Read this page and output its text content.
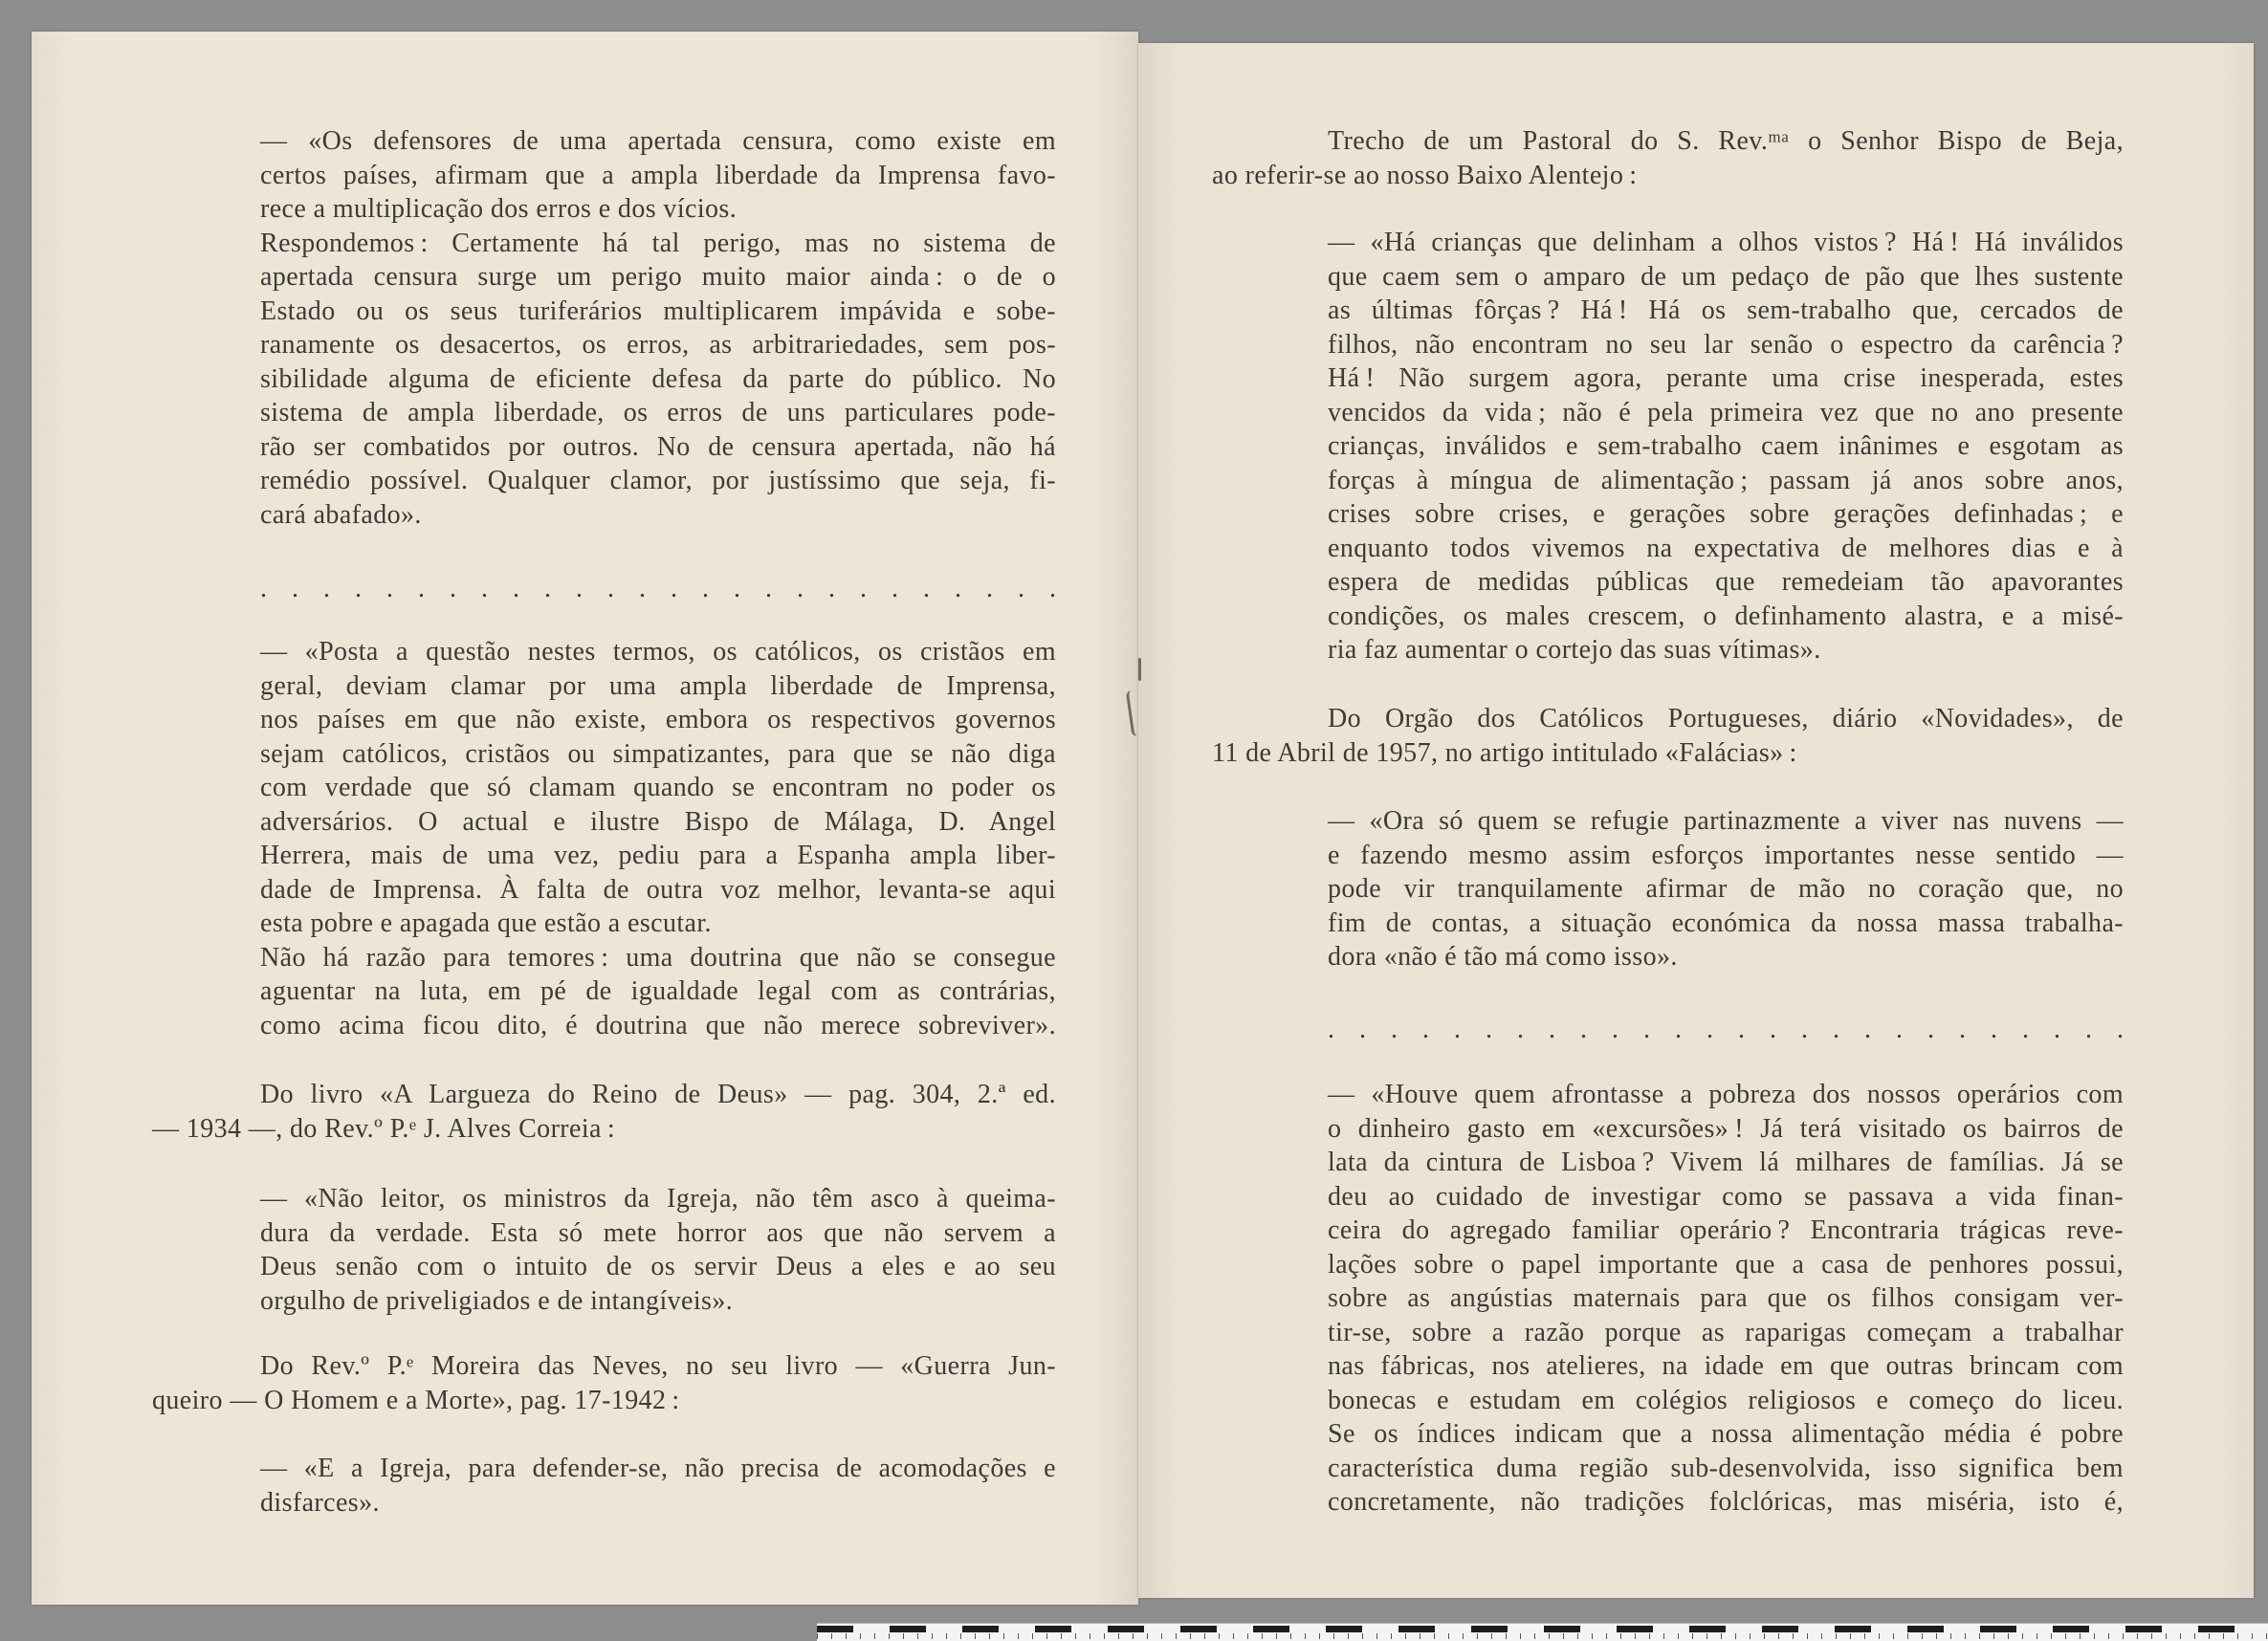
— «Os defensores de uma apertada censura, como existe em
certos países, afirmam que a ampla liberdade da Imprensa favo-
rece a multiplicação dos erros e dos vícios.
Respondemos : Certamente há tal perigo, mas no sistema de
apertada censura surge um perigo muito maior ainda : o de o
Estado ou os seus turiferários multiplicarem impávida e sobe-
ranamente os desacertos, os erros, as arbitrariedades, sem pos-
sibilidade alguma de eficiente defesa da parte do público. No
sistema de ampla liberdade, os erros de uns particulares pode-
rão ser combatidos por outros. No de censura apertada, não há
remédio possível. Qualquer clamor, por justíssimo que seja, fi-
cará abafado».
. . . . . . . . . . . . . . . . . . . . . . . . . .
— «Posta a questão nestes termos, os católicos, os cristãos em
geral, deviam clamar por uma ampla liberdade de Imprensa,
nos países em que não existe, embora os respectivos governos
sejam católicos, cristãos ou simpatizantes, para que se não diga
com verdade que só clamam quando se encontram no poder os
adversários. O actual e ilustre Bispo de Málaga, D. Angel
Herrera, mais de uma vez, pediu para a Espanha ampla liber-
dade de Imprensa. À falta de outra voz melhor, levanta-se aqui
esta pobre e apagada que estão a escutar.
Não há razão para temores : uma doutrina que não se consegue
aguentar na luta, em pé de igualdade legal com as contrárias,
como acima ficou dito, é doutrina que não merece sobreviver».
Do livro «A Largueza do Reino de Deus» — pag. 304, 2.ª ed.
— 1934 —, do Rev.º P.ᵉ J. Alves Correia :
— «Não leitor, os ministros da Igreja, não têm asco à queima-
dura da verdade. Esta só mete horror aos que não servem a
Deus senão com o intuito de os servir Deus a eles e ao seu
orgulho de priveligiados e de intangíveis».
Do Rev.º P.ᵉ Moreira das Neves, no seu livro — «Guerra Jun-
queiro — O Homem e a Morte», pag. 17-1942 :
— «E a Igreja, para defender-se, não precisa de acomodações e
disfarces».
Trecho de um Pastoral do S. Rev.ᵐᵃ o Senhor Bispo de Beja,
ao referir-se ao nosso Baixo Alentejo :
— «Há crianças que delinham a olhos vistos ? Há ! Há inválidos
que caem sem o amparo de um pedaço de pão que lhes sustente
as últimas fôrças ? Há ! Há os sem-trabalho que, cercados de
filhos, não encontram no seu lar senão o espectro da carência ?
Há ! Não surgem agora, perante uma crise inesperada, estes
vencidos da vida ; não é pela primeira vez que no ano presente
crianças, inválidos e sem-trabalho caem inânimes e esgotam as
forças à míngua de alimentação ; passam já anos sobre anos,
crises sobre crises, e gerações sobre gerações definhadas ; e
enquanto todos vivemos na expectativa de melhores dias e à
espera de medidas públicas que remedeiam tão apavorantes
condições, os males crescem, o definhamento alastra, e a misé-
ria faz aumentar o cortejo das suas vítimas».
Do Orgão dos Católicos Portugueses, diário «Novidades», de
11 de Abril de 1957, no artigo intitulado «Falácias» :
— «Ora só quem se refugie partinazmente a viver nas nuvens —
e fazendo mesmo assim esforços importantes nesse sentido —
pode vir tranquilamente afirmar de mão no coração que, no
fim de contas, a situação económica da nossa massa trabalha-
dora «não é tão má como isso».
. . . . . . . . . . . . . . . . . . . . . . . . . .
— «Houve quem afrontasse a pobreza dos nossos operários com
o dinheiro gasto em «excursões» ! Já terá visitado os bairros de
lata da cintura de Lisboa ? Vivem lá milhares de famílias. Já se
deu ao cuidado de investigar como se passava a vida finan-
ceira do agregado familiar operário ? Encontraria trágicas reve-
lações sobre o papel importante que a casa de penhores possui,
sobre as angústias maternais para que os filhos consigam ver-
tir-se, sobre a razão porque as raparigas começam a trabalhar
nas fábricas, nos atelieres, na idade em que outras brincam com
bonecas e estudam em colégios religiosos e começo do liceu.
Se os índices indicam que a nossa alimentação média é pobre
característica duma região sub-desenvolvida, isso significa bem
concretamente, não tradições folclóricas, mas miséria, isto é,
